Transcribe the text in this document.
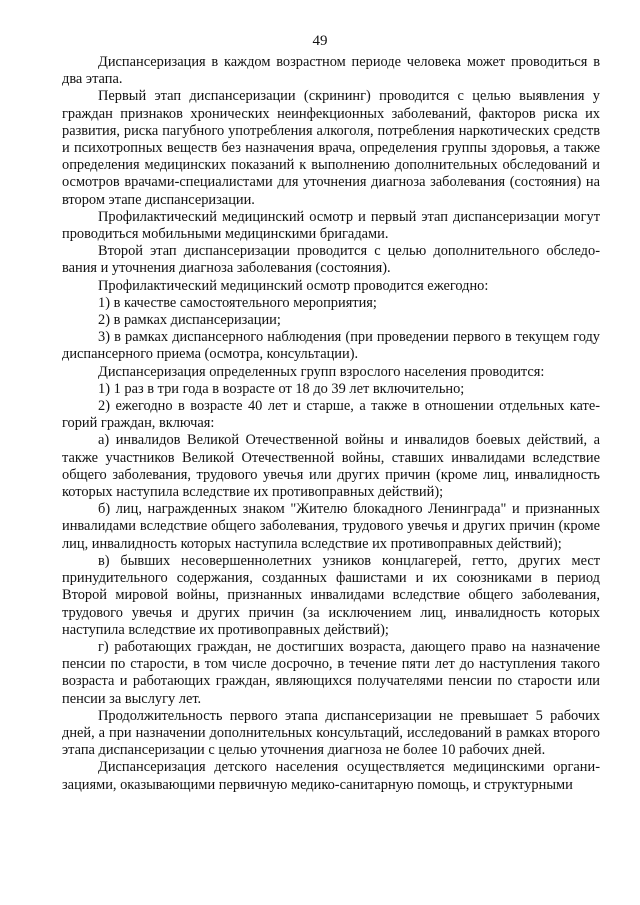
49

Диспансеризация в каждом возрастном периоде человека может проводиться в два этапа.

Первый этап диспансеризации (скрининг) проводится с целью выявления у граждан признаков хронических неинфекционных заболеваний, факторов риска их развития, риска пагубного употребления алкоголя, потребления наркотических средств и психотропных веществ без назначения врача, определения группы здоровья, а также определения медицинских показаний к выполнению дополнительных обследований и осмотров врачами-специалистами для уточнения диагноза заболевания (состояния) на втором этапе диспансеризации.

Профилактический медицинский осмотр и первый этап диспансеризации могут проводиться мобильными медицинскими бригадами.

Второй этап диспансеризации проводится с целью дополнительного обследования и уточнения диагноза заболевания (состояния).

Профилактический медицинский осмотр проводится ежегодно:

1) в качестве самостоятельного мероприятия;

2) в рамках диспансеризации;

3) в рамках диспансерного наблюдения (при проведении первого в текущем году диспансерного приема (осмотра, консультации).

Диспансеризация определенных групп взрослого населения проводится:

1) 1 раз в три года в возрасте от 18 до 39 лет включительно;

2) ежегодно в возрасте 40 лет и старше, а также в отношении отдельных категорий граждан, включая:

а) инвалидов Великой Отечественной войны и инвалидов боевых действий, а также участников Великой Отечественной войны, ставших инвалидами вследствие общего заболевания, трудового увечья или других причин (кроме лиц, инвалидность которых наступила вследствие их противоправных действий);

б) лиц, награжденных знаком "Жителю блокадного Ленинграда" и признанных инвалидами вследствие общего заболевания, трудового увечья и других причин (кроме лиц, инвалидность которых наступила вследствие их противоправных действий);

в) бывших несовершеннолетних узников концлагерей, гетто, других мест принудительного содержания, созданных фашистами и их союзниками в период Второй мировой войны, признанных инвалидами вследствие общего заболевания, трудового увечья и других причин (за исключением лиц, инвалидность которых наступила вследствие их противоправных действий);

г) работающих граждан, не достигших возраста, дающего право на назначение пенсии по старости, в том числе досрочно, в течение пяти лет до наступления такого возраста и работающих граждан, являющихся получателями пенсии по старости или пенсии за выслугу лет.

Продолжительность первого этапа диспансеризации не превышает 5 рабочих дней, а при назначении дополнительных консультаций, исследований в рамках второго этапа диспансеризации с целью уточнения диагноза не более 10 рабочих дней.

Диспансеризация детского населения осуществляется медицинскими организациями, оказывающими первичную медико-санитарную помощь, и структурными
